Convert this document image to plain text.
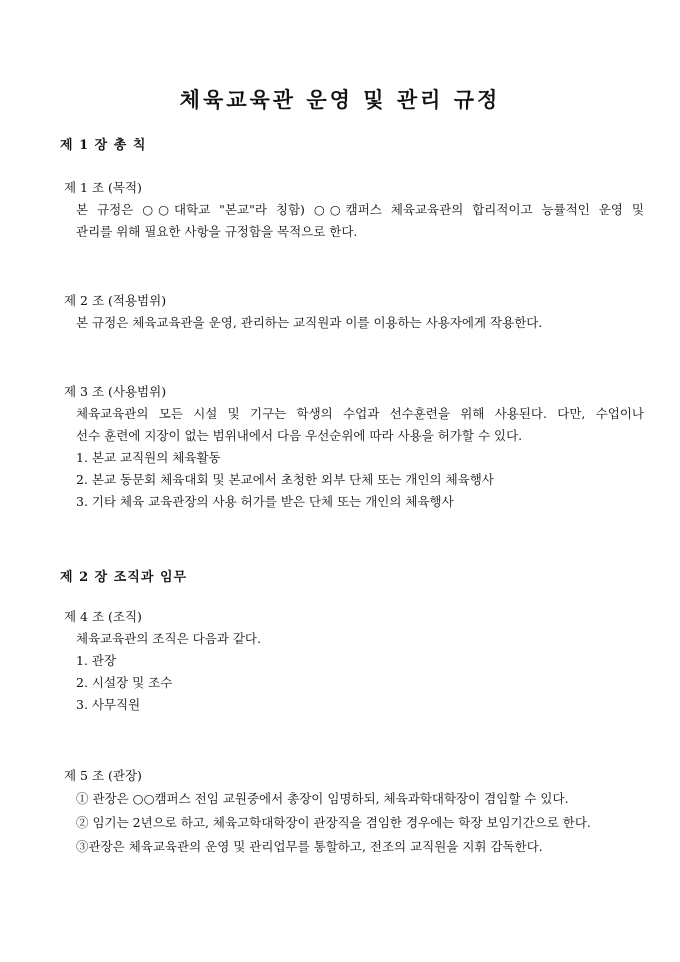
체육교육관 운영 및 관리 규정
제 1 장 총 칙
제 1 조 (목적)
본 규정은 ○○대학교 "본교"라 칭함) ○○캠퍼스 체육교육관의 합리적이고 능률적인 운영 및
관리를 위해 필요한 사항을 규정함을 목적으로 한다.
제 2 조 (적용범위)
본 규정은 체육교육관을 운영, 관리하는 교직원과 이를 이용하는 사용자에게 작용한다.
제 3 조 (사용범위)
체육교육관의 모든 시설 및 기구는 학생의 수업과 선수훈련을 위해 사용된다. 다만, 수업이나
선수 훈련에 지장이 없는 범위내에서 다음 우선순위에 따라 사용을 허가할 수 있다.
1. 본교 교직원의 체육활동
2. 본교 동문회 체육대회 및 본교에서 초청한 외부 단체 또는 개인의 체육행사
3. 기타 체육 교육관장의 사용 허가를 받은 단체 또는 개인의 체육행사
제 2 장 조직과 임무
제 4 조 (조직)
체육교육관의 조직은 다음과 같다.
1. 관장
2. 시설장 및 조수
3. 사무직원
제 5 조 (관장)
① 관장은 ○○캠퍼스 전임 교원중에서 총장이 임명하되, 체육과학대학장이 겸임할 수 있다.
② 임기는 2년으로 하고, 체육고학대학장이 관장직을 겸임한 경우에는 학장 보임기간으로 한다.
③관장은 체육교육관의 운영 및 관리업무를 통할하고, 전조의 교직원을 지휘 감독한다.
